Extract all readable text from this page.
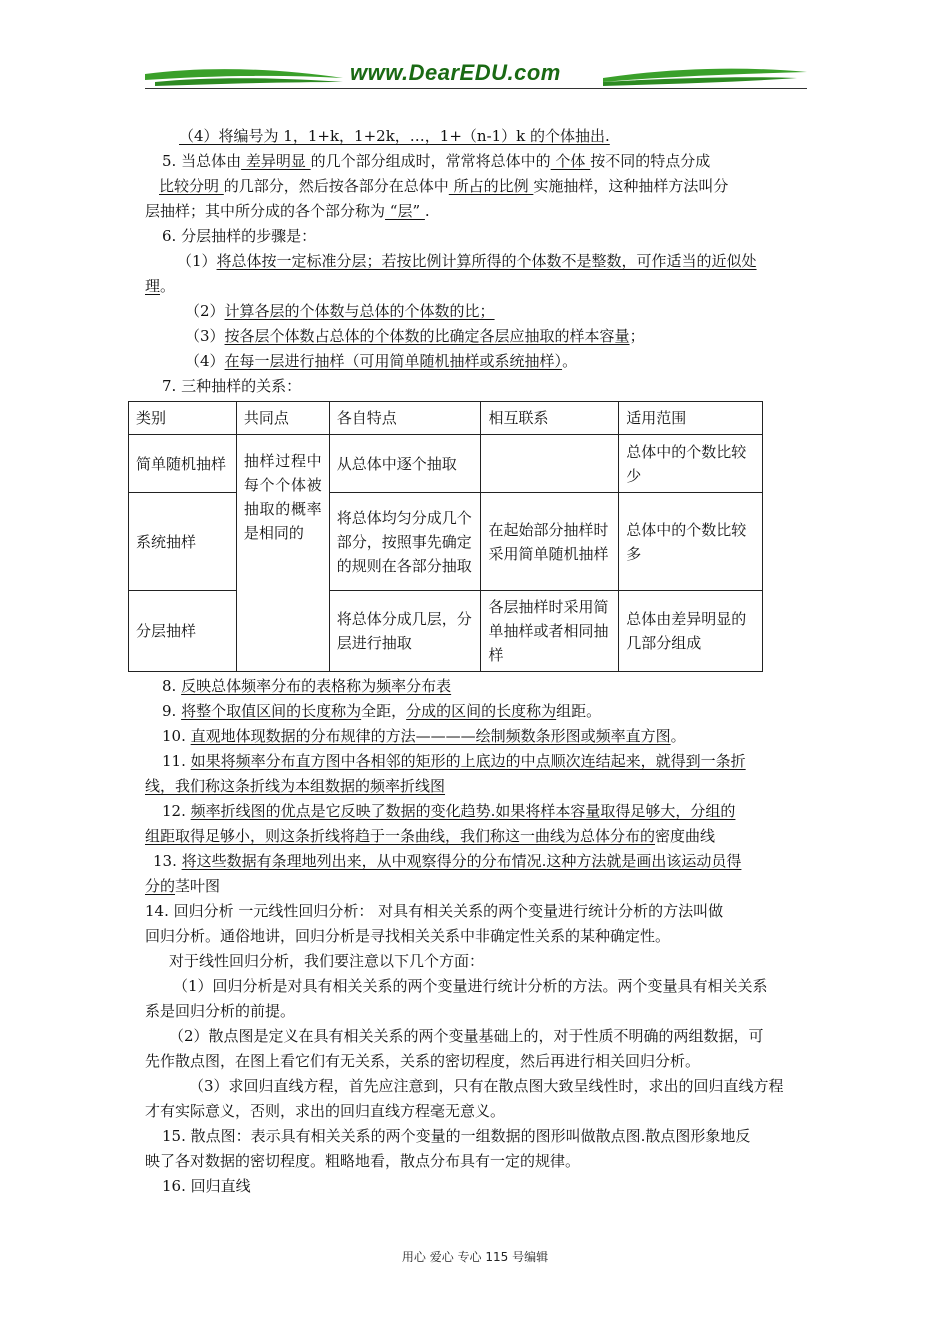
www.DearEDU.com

（4）将编号为 1，1+k，1+2k，…，1+（n-1）k 的个体抽出.

5. 当总体由 差异明显 的几个部分组成时，常常将总体中的 个体 按不同的特点分成

比较分明 的几部分，然后按各部分在总体中 所占的比例 实施抽样，这种抽样方法叫分

层抽样；其中所分成的各个部分称为 “层” .

6. 分层抽样的步骤是：

（1）将总体按一定标准分层；若按比例计算所得的个体数不是整数，可作适当的近似处

理。

（2）计算各层的个体数与总体的个体数的比；

（3）按各层个体数占总体的个体数的比确定各层应抽取的样本容量；

（4）在每一层进行抽样（可用简单随机抽样或系统抽样）。

7. 三种抽样的关系：

类别	共同点	各自特点	相互联系	适用范围
简单随机抽样	抽样过程中每个个体被抽取的概率是相同的	从总体中逐个抽取		总体中的个数比较少
系统抽样		将总体均匀分成几个部分，按照事先确定的规则在各部分抽取	在起始部分抽样时采用简单随机抽样	总体中的个数比较多
分层抽样		将总体分成几层，分层进行抽取	各层抽样时采用简单抽样或者相同抽样	总体由差异明显的几部分组成

8. 反映总体频率分布的表格称为频率分布表

9. 将整个取值区间的长度称为全距，分成的区间的长度称为组距。

10. 直观地体现数据的分布规律的方法————绘制频数条形图或频率直方图。

11. 如果将频率分布直方图中各相邻的矩形的上底边的中点顺次连结起来，就得到一条折

线，我们称这条折线为本组数据的频率折线图

12. 频率折线图的优点是它反映了数据的变化趋势.如果将样本容量取得足够大，分组的

组距取得足够小，则这条折线将趋于一条曲线，我们称这一曲线为总体分布的密度曲线

13. 将这些数据有条理地列出来，从中观察得分的分布情况.这种方法就是画出该运动员得

分的茎叶图

14. 回归分析 一元线性回归分析： 对具有相关关系的两个变量进行统计分析的方法叫做

回归分析。通俗地讲，回归分析是寻找相关关系中非确定性关系的某种确定性。

对于线性回归分析，我们要注意以下几个方面：

（1）回归分析是对具有相关关系的两个变量进行统计分析的方法。两个变量具有相关关系

系是回归分析的前提。

（2）散点图是定义在具有相关关系的两个变量基础上的，对于性质不明确的两组数据，可

先作散点图，在图上看它们有无关系，关系的密切程度，然后再进行相关回归分析。

（3）求回归直线方程，首先应注意到，只有在散点图大致呈线性时，求出的回归直线方程

才有实际意义，否则，求出的回归直线方程毫无意义。

15. 散点图：表示具有相关关系的两个变量的一组数据的图形叫做散点图.散点图形象地反

映了各对数据的密切程度。粗略地看，散点分布具有一定的规律。

16. 回归直线

用心 爱心 专心 115 号编辑
